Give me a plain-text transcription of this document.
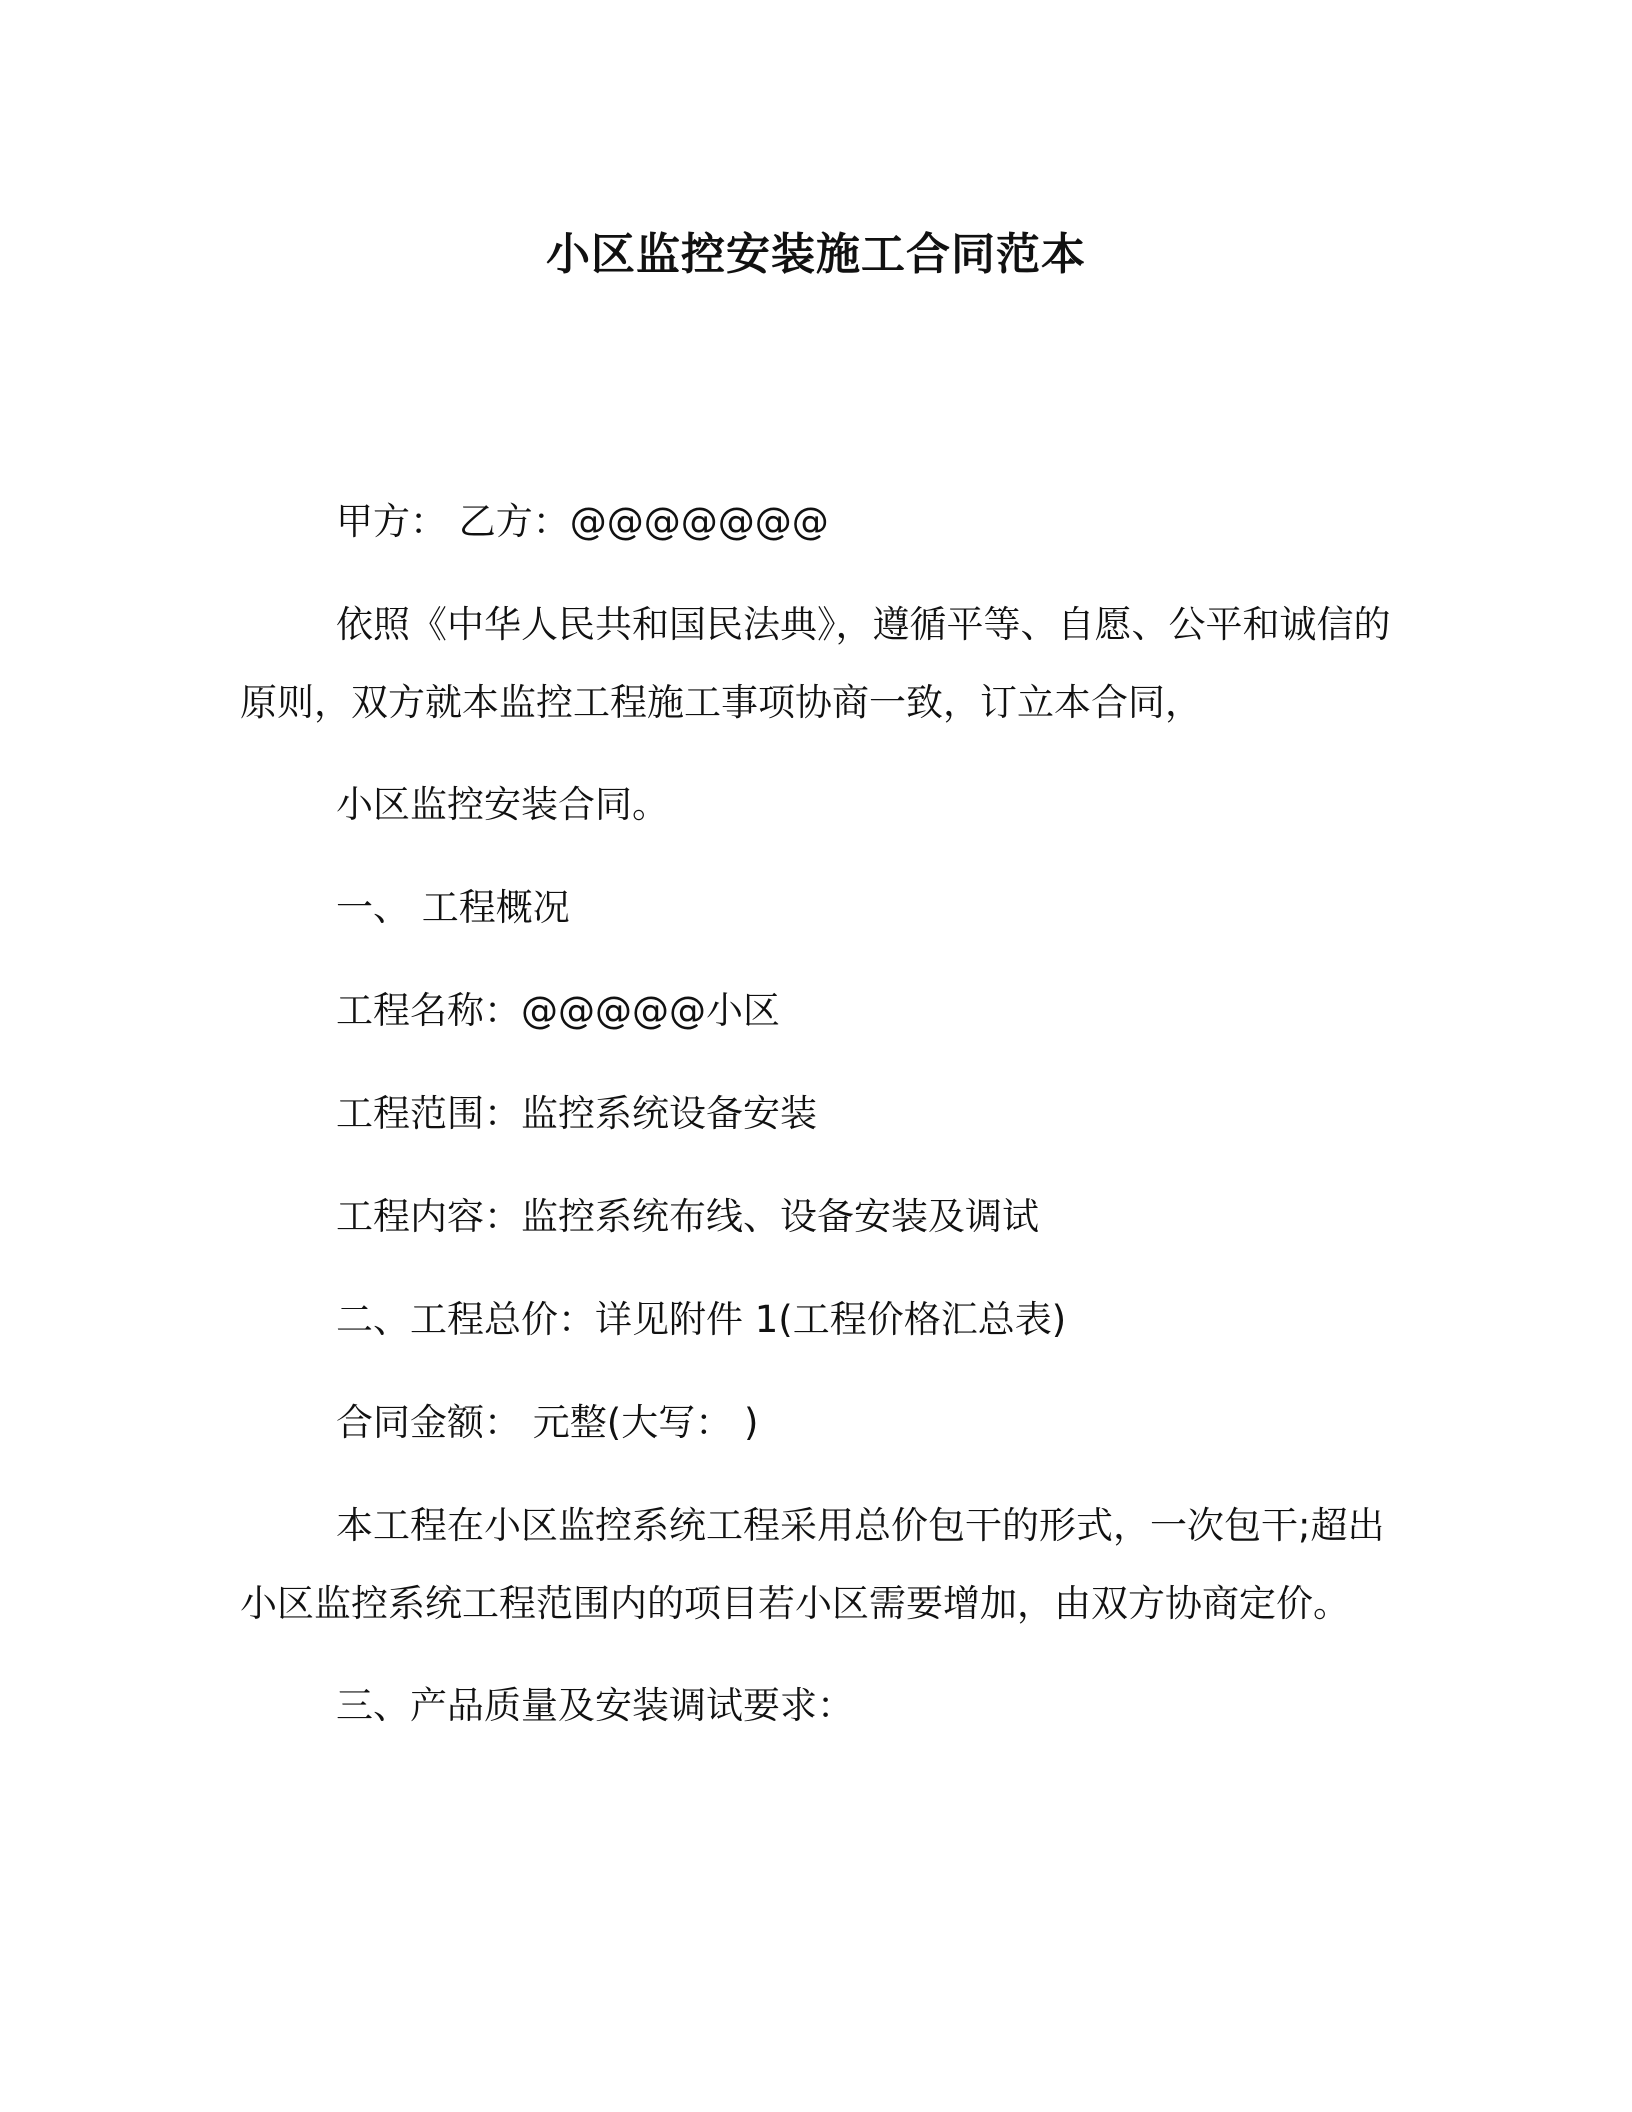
小区监控安装施工合同范本

甲方： 乙方：@@@@@@@

依照《中华人民共和国民法典》，遵循平等、自愿、公平和诚信的原则，双方就本监控工程施工事项协商一致，订立本合同，

小区监控安装合同。

一、 工程概况

工程名称：@@@@@小区

工程范围：监控系统设备安装

工程内容：监控系统布线、设备安装及调试

二、工程总价：详见附件 1(工程价格汇总表)

合同金额： 元整(大写： )

本工程在小区监控系统工程采用总价包干的形式，一次包干;超出小区监控系统工程范围内的项目若小区需要增加，由双方协商定价。

三、产品质量及安装调试要求：
